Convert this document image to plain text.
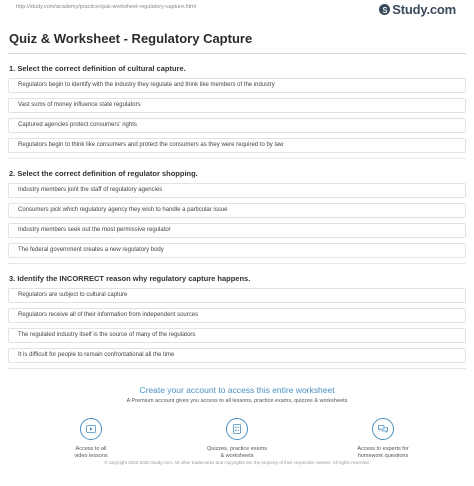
http://study.com/academy/practice/quiz-worksheet-regulatory-capture.html	Study.com
Quiz & Worksheet - Regulatory Capture
1. Select the correct definition of cultural capture.
Regulators begin to identify with the industry they regulate and think like members of the industry
Vast sums of money influence state regulators
Captured agencies protect consumers' rights
Regulators begin to think like consumers and protect the consumers as they were required to by law
2. Select the correct definition of regulator shopping.
Industry members joint the staff of regulatory agencies
Consumers pick which regulatory agency they wish to handle a particular issue
Industry members seek out the most permissive regulator
The federal government creates a new regulatory body
3. Identify the INCORRECT reason why regulatory capture happens.
Regulators are subject to cultural capture
Regulators receive all of their information from independent sources
The regulated industry itself is the source of many of the regulators
It is difficult for people to remain confrontational all the time
Create your account to access this entire worksheet
A Premium account gives you access to all lessons, practice exams, quizzes & worksheets
Access to all
video lessons
Quizzes, practice exams
& worksheets
Access to experts for
homework questions
© copyright 2003-2020 Study.com. All other trademarks and copyrights are the property of their respective owners. All rights reserved.
